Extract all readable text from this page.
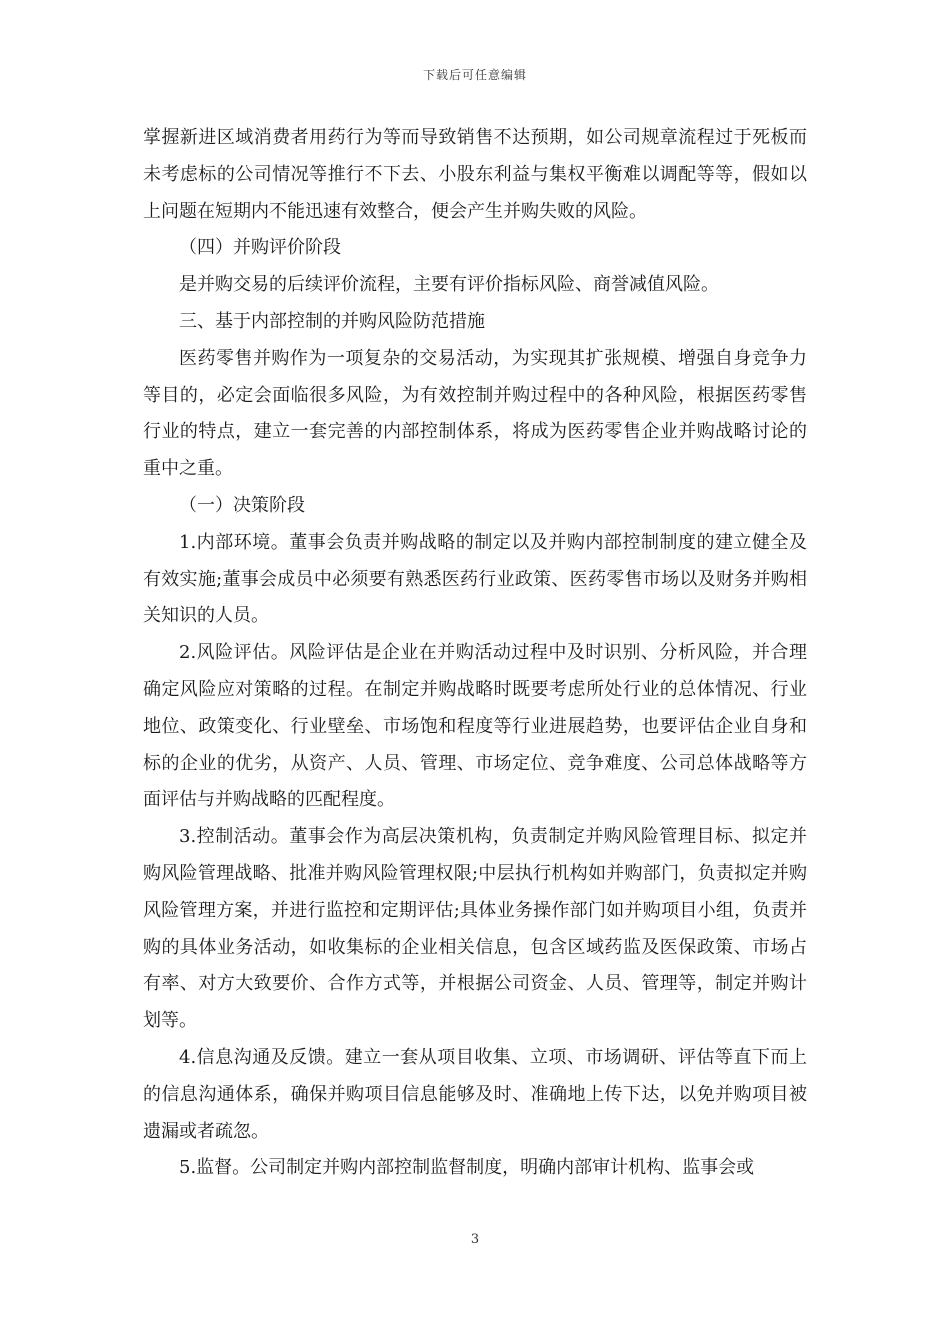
下载后可任意编辑

掌握新进区域消费者用药行为等而导致销售不达预期，如公司规章流程过于死板而未考虑标的公司情况等推行不下去、小股东利益与集权平衡难以调配等等，假如以上问题在短期内不能迅速有效整合，便会产生并购失败的风险。

（四）并购评价阶段

是并购交易的后续评价流程，主要有评价指标风险、商誉减值风险。

三、基于内部控制的并购风险防范措施

医药零售并购作为一项复杂的交易活动，为实现其扩张规模、增强自身竞争力等目的，必定会面临很多风险，为有效控制并购过程中的各种风险，根据医药零售行业的特点，建立一套完善的内部控制体系，将成为医药零售企业并购战略讨论的重中之重。

（一）决策阶段

1.内部环境。董事会负责并购战略的制定以及并购内部控制制度的建立健全及有效实施;董事会成员中必须要有熟悉医药行业政策、医药零售市场以及财务并购相关知识的人员。

2.风险评估。风险评估是企业在并购活动过程中及时识别、分析风险，并合理确定风险应对策略的过程。在制定并购战略时既要考虑所处行业的总体情况、行业地位、政策变化、行业壁垒、市场饱和程度等行业进展趋势，也要评估企业自身和标的企业的优劣，从资产、人员、管理、市场定位、竞争难度、公司总体战略等方面评估与并购战略的匹配程度。

3.控制活动。董事会作为高层决策机构，负责制定并购风险管理目标、拟定并购风险管理战略、批准并购风险管理权限;中层执行机构如并购部门，负责拟定并购风险管理方案，并进行监控和定期评估;具体业务操作部门如并购项目小组，负责并购的具体业务活动，如收集标的企业相关信息，包含区域药监及医保政策、市场占有率、对方大致要价、合作方式等，并根据公司资金、人员、管理等，制定并购计划等。

4.信息沟通及反馈。建立一套从项目收集、立项、市场调研、评估等直下而上的信息沟通体系，确保并购项目信息能够及时、准确地上传下达，以免并购项目被遗漏或者疏忽。

5.监督。公司制定并购内部控制监督制度，明确内部审计机构、监事会或

3
